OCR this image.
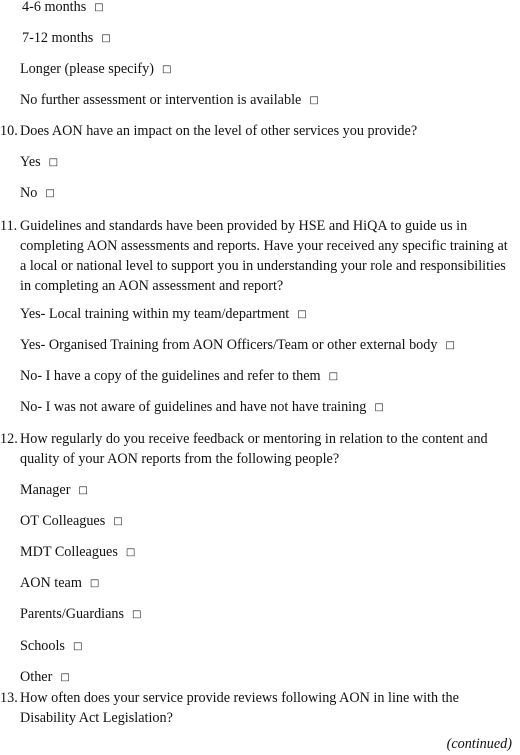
4-6 months □
7-12 months □
Longer (please specify) □
No further assessment or intervention is available □
10. Does AON have an impact on the level of other services you provide?
Yes □
No □
11. Guidelines and standards have been provided by HSE and HiQA to guide us in completing AON assessments and reports. Have your received any specific training at a local or national level to support you in understanding your role and responsibilities in completing an AON assessment and report?
Yes- Local training within my team/department □
Yes- Organised Training from AON Officers/Team or other external body □
No- I have a copy of the guidelines and refer to them □
No- I was not aware of guidelines and have not have training □
12. How regularly do you receive feedback or mentoring in relation to the content and quality of your AON reports from the following people?
Manager □
OT Colleagues □
MDT Colleagues □
AON team □
Parents/Guardians □
Schools □
Other □
13. How often does your service provide reviews following AON in line with the Disability Act Legislation?
(continued)
